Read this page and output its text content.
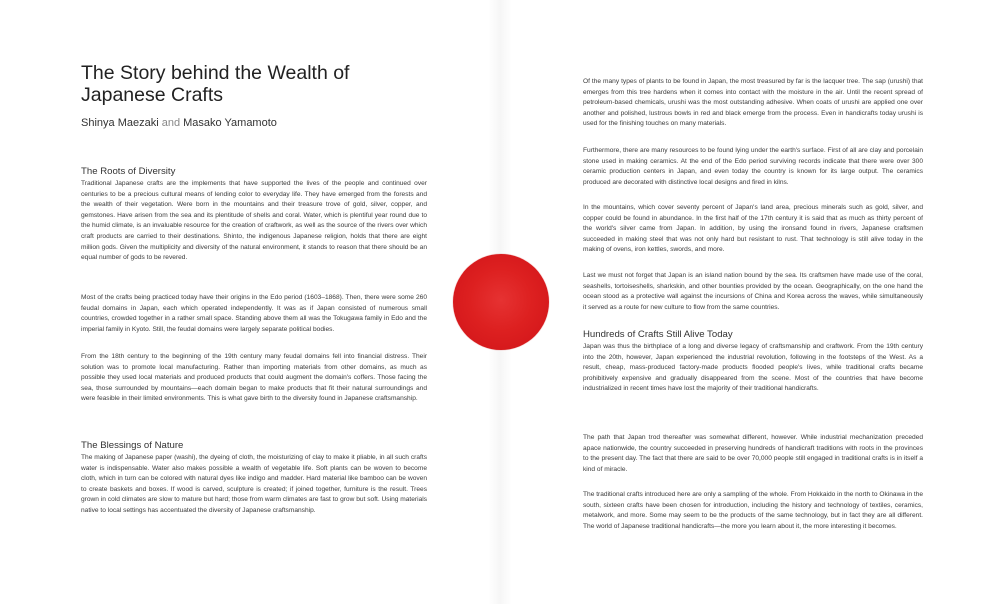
The Story behind the Wealth of Japanese Crafts

Shinya Maezaki and Masako Yamamoto

The Roots of Diversity

Traditional Japanese crafts are the implements that have supported the lives of the people and continued over centuries to be a precious cultural means of lending color to everyday life. They have emerged from the forests and the wealth of their vegetation. Were born in the mountains and their treasure trove of gold, silver, copper, and gemstones. Have arisen from the sea and its plentitude of shells and coral. Water, which is plentiful year round due to the humid climate, is an invaluable resource for the creation of craftwork, as well as the source of the rivers over which craft products are carried to their destinations. Shinto, the indigenous Japanese religion, holds that there are eight million gods. Given the multiplicity and diversity of the natural environment, it stands to reason that there should be an equal number of gods to be revered.

Most of the crafts being practiced today have their origins in the Edo period (1603–1868). Then, there were some 260 feudal domains in Japan, each which operated independently. It was as if Japan consisted of numerous small countries, crowded together in a rather small space. Standing above them all was the Tokugawa family in Edo and the imperial family in Kyoto. Still, the feudal domains were largely separate political bodies.

From the 18th century to the beginning of the 19th century many feudal domains fell into financial distress. Their solution was to promote local manufacturing. Rather than importing materials from other domains, as much as possible they used local materials and produced products that could augment the domain's coffers. Those facing the sea, those surrounded by mountains—each domain began to make products that fit their natural surroundings and were feasible in their limited environments. This is what gave birth to the diversity found in Japanese craftsmanship.

The Blessings of Nature

The making of Japanese paper (washi), the dyeing of cloth, the moisturizing of clay to make it pliable, in all such crafts water is indispensable. Water also makes possible a wealth of vegetable life. Soft plants can be woven to become cloth, which in turn can be colored with natural dyes like indigo and madder. Hard material like bamboo can be woven to create baskets and boxes. If wood is carved, sculpture is created; if joined together, furniture is the result. Trees grown in cold climates are slow to mature but hard; those from warm climates are fast to grow but soft. Using materials native to local settings has accentuated the diversity of Japanese craftsmanship.

Of the many types of plants to be found in Japan, the most treasured by far is the lacquer tree. The sap (urushi) that emerges from this tree hardens when it comes into contact with the moisture in the air. Until the recent spread of petroleum-based chemicals, urushi was the most outstanding adhesive. When coats of urushi are applied one over another and polished, lustrous bowls in red and black emerge from the process. Even in handicrafts today urushi is used for the finishing touches on many materials.

Furthermore, there are many resources to be found lying under the earth's surface. First of all are clay and porcelain stone used in making ceramics. At the end of the Edo period surviving records indicate that there were over 300 ceramic production centers in Japan, and even today the country is known for its large output. The ceramics produced are decorated with distinctive local designs and fired in kilns.

In the mountains, which cover seventy percent of Japan's land area, precious minerals such as gold, silver, and copper could be found in abundance. In the first half of the 17th century it is said that as much as thirty percent of the world's silver came from Japan. In addition, by using the ironsand found in rivers, Japanese craftsmen succeeded in making steel that was not only hard but resistant to rust. That technology is still alive today in the making of ovens, iron kettles, swords, and more.

Last we must not forget that Japan is an island nation bound by the sea. Its craftsmen have made use of the coral, seashells, tortoiseshells, sharkskin, and other bounties provided by the ocean. Geographically, on the one hand the ocean stood as a protective wall against the incursions of China and Korea across the waves, while simultaneously it served as a route for new culture to flow from the same countries.

Hundreds of Crafts Still Alive Today

Japan was thus the birthplace of a long and diverse legacy of craftsmanship and craftwork. From the 19th century into the 20th, however, Japan experienced the industrial revolution, following in the footsteps of the West. As a result, cheap, mass-produced factory-made products flooded people's lives, while traditional crafts became prohibitively expensive and gradually disappeared from the scene. Most of the countries that have become industrialized in recent times have lost the majority of their traditional handicrafts.

The path that Japan trod thereafter was somewhat different, however. While industrial mechanization preceded apace nationwide, the country succeeded in preserving hundreds of handicraft traditions with roots in the provinces to the present day. The fact that there are said to be over 70,000 people still engaged in traditional crafts is in itself a kind of miracle.

The traditional crafts introduced here are only a sampling of the whole. From Hokkaido in the north to Okinawa in the south, sixteen crafts have been chosen for introduction, including the history and technology of textiles, ceramics, metalwork, and more. Some may seem to be the products of the same technology, but in fact they are all different. The world of Japanese traditional handicrafts—the more you learn about it, the more interesting it becomes.
